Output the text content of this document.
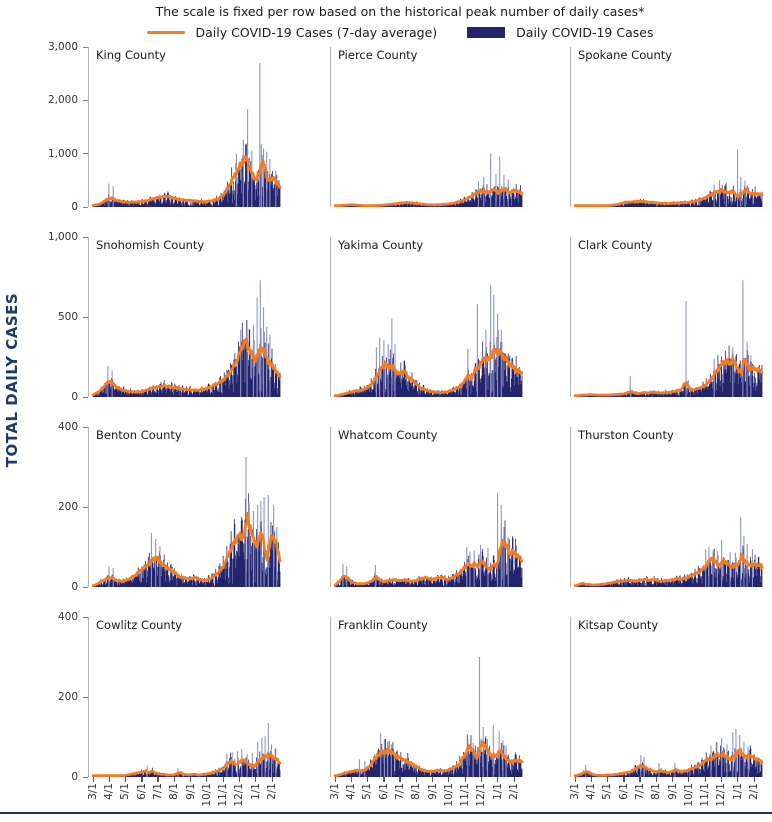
The scale is fixed per row based on the historical peak number of daily cases*
Daily COVID-19 Cases (7-day average)	Daily COVID-19 Cases
TOTAL DAILY CASES
King County	Pierce County	Spokane County
Snohomish County	Yakima County	Clark County
Benton County	Whatcom County	Thurston County
Cowlitz County	Franklin County	Kitsap County
0
1,000
2,000
3,000
0
500
1,000
0
200
400
0
200
400
3/1 4/1 5/1 6/1 7/1 8/1 9/1 10/1 11/1 12/1 1/1 2/1	3/1 4/1 5/1 6/1 7/1 8/1 9/1 10/1 11/1 12/1 1/1 2/1	3/1 4/1 5/1 6/1 7/1 8/1 9/1 10/1 11/1 12/1 1/1 2/1
